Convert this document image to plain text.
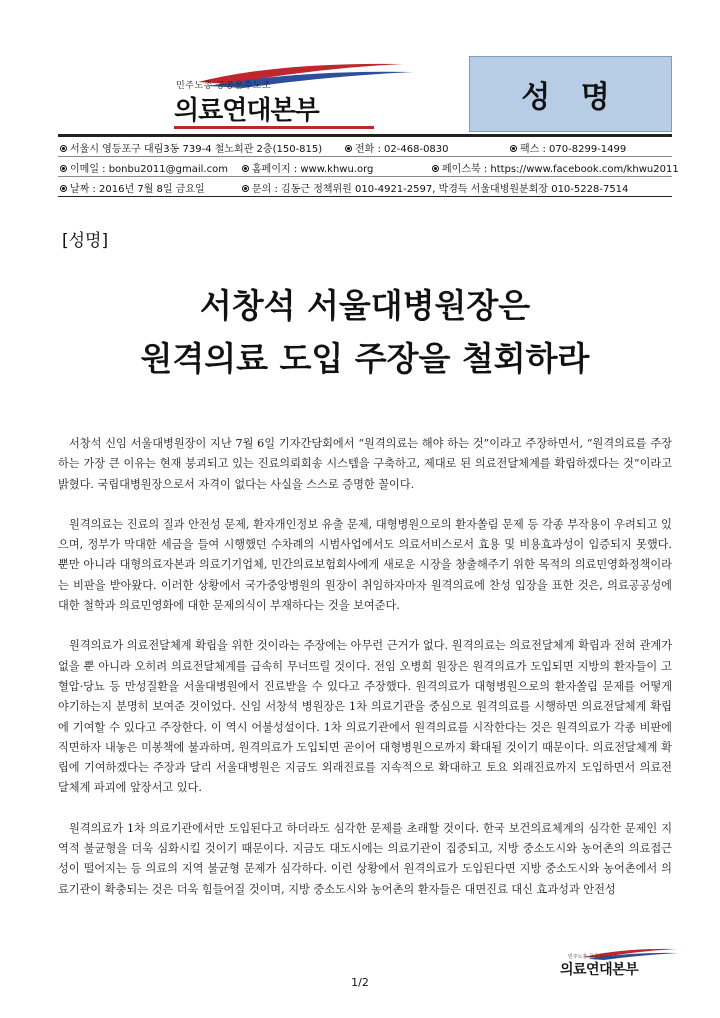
민주노총 공공운수노조
의료연대본부	성 명
서울시 영등포구 대림3동 739-4 철노회관 2층(150-815)	전화 : 02-468-0830	팩스 : 070-8299-1499
이메일 : bonbu2011@gmail.com	홈페이지 : www.khwu.org	페이스북 : https://www.facebook.com/khwu2011
날짜 : 2016년 7월 8일 금요일	문의 : 김동근 정책위원 010-4921-2597, 박경득 서울대병원분회장 010-5228-7514
[성명]
서창석 서울대병원장은
원격의료 도입 주장을 철회하라

서창석 신임 서울대병원장이 지난 7월 6일 기자간담회에서 “원격의료는 해야 하는 것”이라고 주장하면서, “원격의료를 주장하는 가장 큰 이유는 현재 붕괴되고 있는 진료의뢰회송 시스템을 구축하고, 제대로 된 의료전달체계를 확립하겠다는 것”이라고 밝혔다. 국립대병원장으로서 자격이 없다는 사실을 스스로 증명한 꼴이다.

원격의료는 진료의 질과 안전성 문제, 환자개인정보 유출 문제, 대형병원으로의 환자쏠림 문제 등 각종 부작용이 우려되고 있으며, 정부가 막대한 세금을 들여 시행했던 수차례의 시범사업에서도 의료서비스로서 효용 및 비용효과성이 입증되지 못했다. 뿐만 아니라 대형의료자본과 의료기기업체, 민간의료보험회사에게 새로운 시장을 창출해주기 위한 목적의 의료민영화정책이라는 비판을 받아왔다. 이러한 상황에서 국가중앙병원의 원장이 취임하자마자 원격의료에 찬성 입장을 표한 것은, 의료공공성에 대한 철학과 의료민영화에 대한 문제의식이 부재하다는 것을 보여준다.

원격의료가 의료전달체계 확립을 위한 것이라는 주장에는 아무런 근거가 없다. 원격의료는 의료전달체계 확립과 전혀 관계가 없을 뿐 아니라 오히려 의료전달체계를 급속히 무너뜨릴 것이다. 전임 오병희 원장은 원격의료가 도입되면 지방의 환자들이 고혈압·당뇨 등 만성질환을 서울대병원에서 진료받을 수 있다고 주장했다. 원격의료가 대형병원으로의 환자쏠림 문제를 어떻게 야기하는지 분명히 보여준 것이었다. 신임 서창석 병원장은 1차 의료기관을 중심으로 원격의료를 시행하면 의료전달체계 확립에 기여할 수 있다고 주장한다. 이 역시 어불성설이다. 1차 의료기관에서 원격의료를 시작한다는 것은 원격의료가 각종 비판에 직면하자 내놓은 미봉책에 불과하며, 원격의료가 도입되면 곧이어 대형병원으로까지 확대될 것이기 때문이다. 의료전달체계 확립에 기여하겠다는 주장과 달리 서울대병원은 지금도 외래진료를 지속적으로 확대하고 토요 외래진료까지 도입하면서 의료전달체계 파괴에 앞장서고 있다.

원격의료가 1차 의료기관에서만 도입된다고 하더라도 심각한 문제를 초래할 것이다. 한국 보건의료체계의 심각한 문제인 지역적 불균형을 더욱 심화시킬 것이기 때문이다. 지금도 대도시에는 의료기관이 집중되고, 지방 중소도시와 농어촌의 의료접근성이 떨어지는 등 의료의 지역 불균형 문제가 심각하다. 이런 상황에서 원격의료가 도입된다면 지방 중소도시와 농어촌에서 의료기관이 확충되는 것은 더욱 힘들어질 것이며, 지방 중소도시와 농어촌의 환자들은 대면진료 대신 효과성과 안전성

민주노총 공공운수노조
의료연대본부
1/2
